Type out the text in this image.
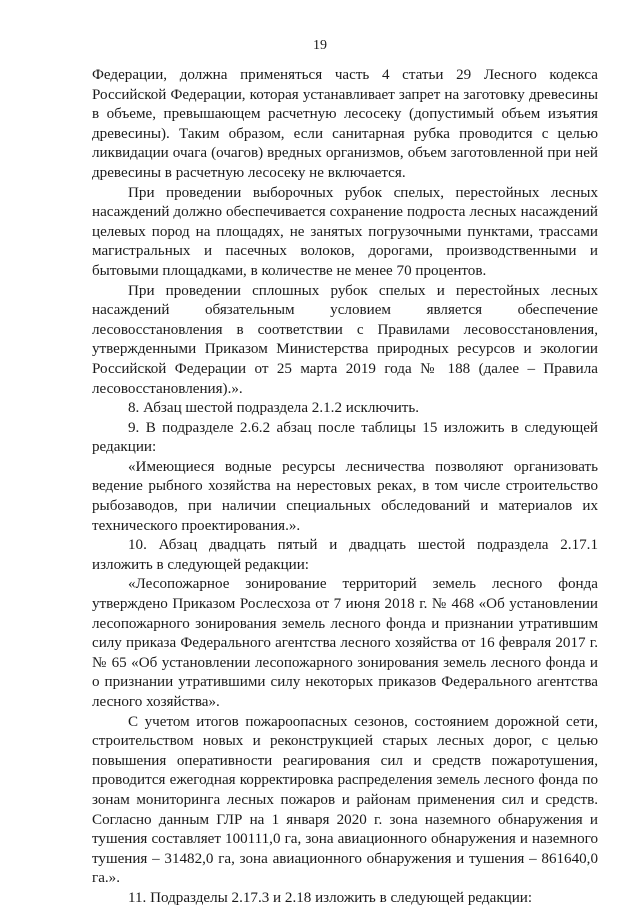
19

Федерации, должна применяться часть 4 статьи 29 Лесного кодекса Российской Федерации, которая устанавливает запрет на заготовку древесины в объеме, превышающем расчетную лесосеку (допустимый объем изъятия древесины). Таким образом, если санитарная рубка проводится с целью ликвидации очага (очагов) вредных организмов, объем заготовленной при ней древесины в расчетную лесосеку не включается.

При проведении выборочных рубок спелых, перестойных лесных насаждений должно обеспечивается сохранение подроста лесных насаждений целевых пород на площадях, не занятых погрузочными пунктами, трассами магистральных и пасечных волоков, дорогами, производственными и бытовыми площадками, в количестве не менее 70 процентов.

При проведении сплошных рубок спелых и перестойных лесных насаждений обязательным условием является обеспечение лесовосстановления в соответствии с Правилами лесовосстановления, утвержденными Приказом Министерства природных ресурсов и экологии Российской Федерации от 25 марта 2019 года № 188 (далее – Правила лесовосстановления).».

8. Абзац шестой подраздела 2.1.2 исключить.

9. В подразделе 2.6.2 абзац после таблицы 15 изложить в следующей редакции:

«Имеющиеся водные ресурсы лесничества позволяют организовать ведение рыбного хозяйства на нерестовых реках, в том числе строительство рыбозаводов, при наличии специальных обследований и материалов их технического проектирования.».

10. Абзац двадцать пятый и двадцать шестой подраздела 2.17.1 изложить в следующей редакции:

«Лесопожарное зонирование территорий земель лесного фонда утверждено Приказом Рослесхоза от 7 июня 2018 г. № 468 «Об установлении лесопожарного зонирования земель лесного фонда и признании утратившим силу приказа Федерального агентства лесного хозяйства от 16 февраля 2017 г. № 65 «Об установлении лесопожарного зонирования земель лесного фонда и о признании утратившими силу некоторых приказов Федерального агентства лесного хозяйства».

С учетом итогов пожароопасных сезонов, состоянием дорожной сети, строительством новых и реконструкцией старых лесных дорог, с целью повышения оперативности реагирования сил и средств пожаротушения, проводится ежегодная корректировка распределения земель лесного фонда по зонам мониторинга лесных пожаров и районам применения сил и средств. Согласно данным ГЛР на 1 января 2020 г. зона наземного обнаружения и тушения составляет 100111,0 га, зона авиационного обнаружения и наземного тушения – 31482,0 га, зона авиационного обнаружения и тушения – 861640,0 га.».

11. Подразделы 2.17.3 и 2.18 изложить в следующей редакции:
